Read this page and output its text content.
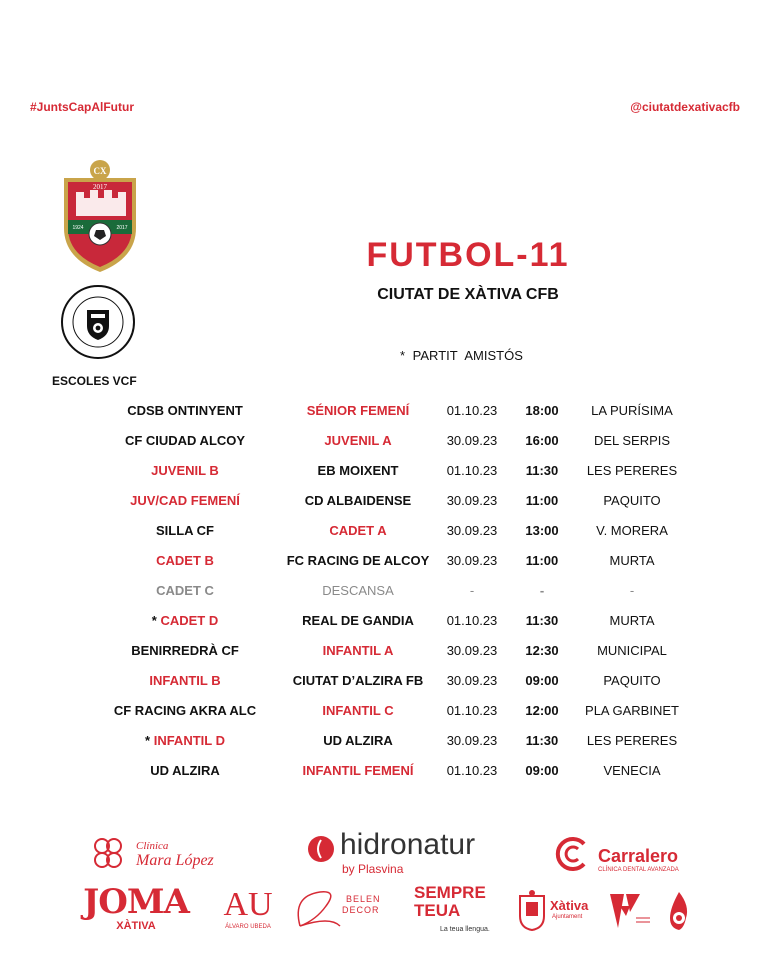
#JuntsCapAlFutur	@ciutatdexativacfb
CX
2017
1924	2017
ESCOLES VCF
FUTBOL-11
CIUTAT DE XÀTIVA CFB
* PARTIT AMISTÓS
CDSB ONTINYENT	SÉNIOR FEMENÍ	01.10.23	18:00	LA PURÍSIMA
CF CIUDAD ALCOY	JUVENIL A	30.09.23	16:00	DEL SERPIS
JUVENIL B	EB MOIXENT	01.10.23	11:30	LES PERERES
JUV/CAD FEMENÍ	CD ALBAIDENSE	30.09.23	11:00	PAQUITO
SILLA CF	CADET A	30.09.23	13:00	V. MORERA
CADET B	FC RACING DE ALCOY	30.09.23	11:00	MURTA
CADET C	DESCANSA	-	-	-
* CADET D	REAL DE GANDIA	01.10.23	11:30	MURTA
BENIRREDRÀ CF	INFANTIL A	30.09.23	12:30	MUNICIPAL
INFANTIL B	CIUTAT D’ALZIRA FB	30.09.23	09:00	PAQUITO
CF RACING AKRA ALC	INFANTIL C	01.10.23	12:00	PLA GARBINET
* INFANTIL D	UD ALZIRA	30.09.23	11:30	LES PERERES
UD ALZIRA	INFANTIL FEMENÍ	01.10.23	09:00	VENECIA
Clínica
Mara López	hidronatur
by Plasvina
Carralero
CLÍNICA DENTAL AVANZADA
JOMA
XÀTIVA
AU
ÁLVARO UBEDA
BELEN
DECOR
SEMPRE
TEUA
La teua llengua.
Xàtiva
Ajuntament
